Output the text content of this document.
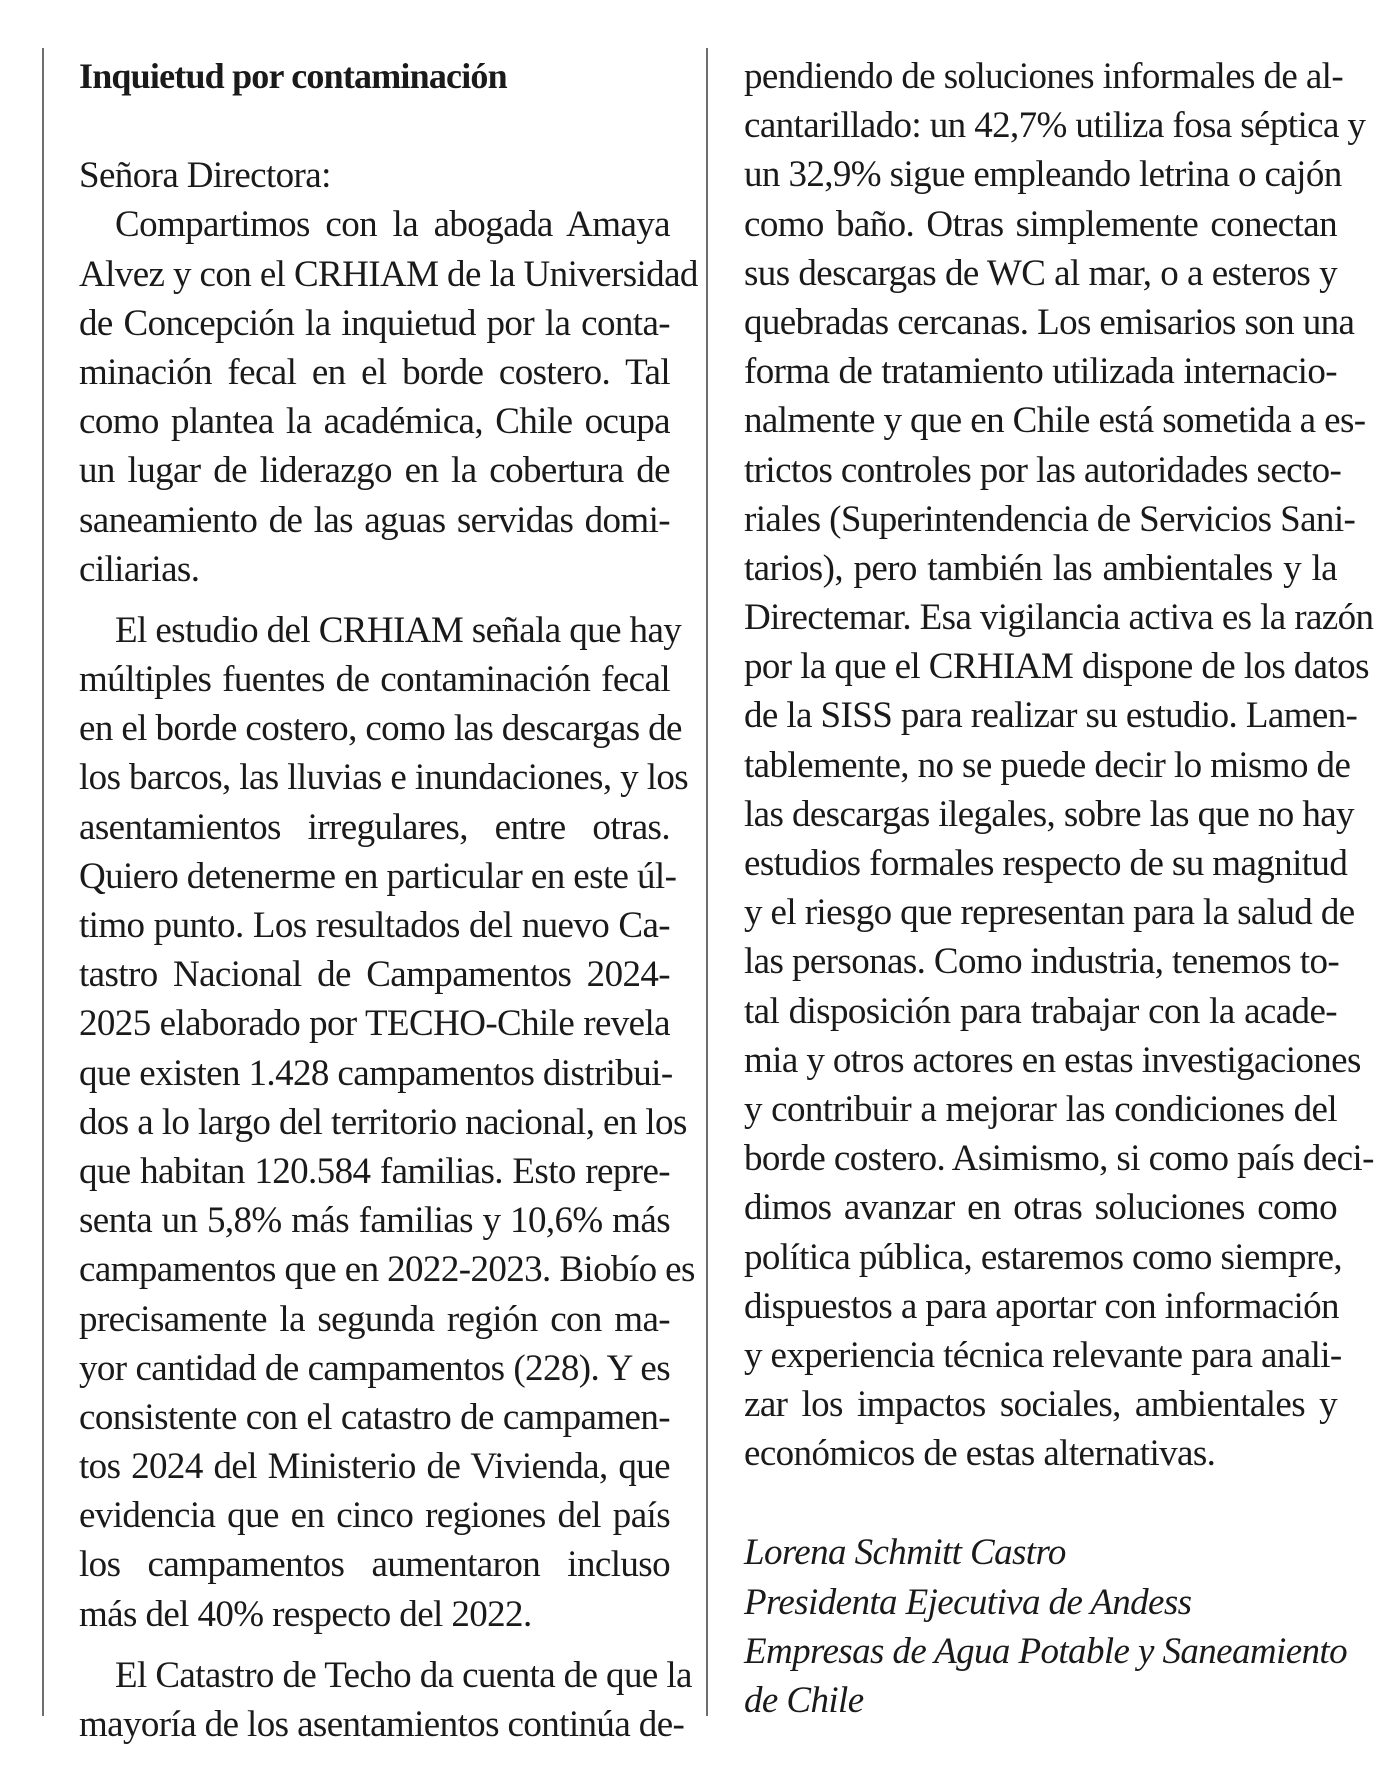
Inquietud por contaminación
Señora Directora:
Compartimos con la abogada Amaya
Alvez y con el CRHIAM de la Universidad
de Concepción la inquietud por la conta-
minación fecal en el borde costero. Tal
como plantea la académica, Chile ocupa
un lugar de liderazgo en la cobertura de
saneamiento de las aguas servidas domi-
ciliarias.
El estudio del CRHIAM señala que hay
múltiples fuentes de contaminación fecal
en el borde costero, como las descargas de
los barcos, las lluvias e inundaciones, y los
asentamientos irregulares, entre otras.
Quiero detenerme en particular en este úl-
timo punto. Los resultados del nuevo Ca-
tastro Nacional de Campamentos 2024-
2025 elaborado por TECHO-Chile revela
que existen 1.428 campamentos distribui-
dos a lo largo del territorio nacional, en los
que habitan 120.584 familias. Esto repre-
senta un 5,8% más familias y 10,6% más
campamentos que en 2022-2023. Biobío es
precisamente la segunda región con ma-
yor cantidad de campamentos (228). Y es
consistente con el catastro de campamen-
tos 2024 del Ministerio de Vivienda, que
evidencia que en cinco regiones del país
los campamentos aumentaron incluso
más del 40% respecto del 2022.
El Catastro de Techo da cuenta de que la
mayoría de los asentamientos continúa de-
pendiendo de soluciones informales de al-
cantarillado: un 42,7% utiliza fosa séptica y
un 32,9% sigue empleando letrina o cajón
como baño. Otras simplemente conectan
sus descargas de WC al mar, o a esteros y
quebradas cercanas. Los emisarios son una
forma de tratamiento utilizada internacio-
nalmente y que en Chile está sometida a es-
trictos controles por las autoridades secto-
riales (Superintendencia de Servicios Sani-
tarios), pero también las ambientales y la
Directemar. Esa vigilancia activa es la razón
por la que el CRHIAM dispone de los datos
de la SISS para realizar su estudio. Lamen-
tablemente, no se puede decir lo mismo de
las descargas ilegales, sobre las que no hay
estudios formales respecto de su magnitud
y el riesgo que representan para la salud de
las personas. Como industria, tenemos to-
tal disposición para trabajar con la acade-
mia y otros actores en estas investigaciones
y contribuir a mejorar las condiciones del
borde costero. Asimismo, si como país deci-
dimos avanzar en otras soluciones como
política pública, estaremos como siempre,
dispuestos a para aportar con información
y experiencia técnica relevante para anali-
zar los impactos sociales, ambientales y
económicos de estas alternativas.
Lorena Schmitt Castro
Presidenta Ejecutiva de Andess
Empresas de Agua Potable y Saneamiento
de Chile
